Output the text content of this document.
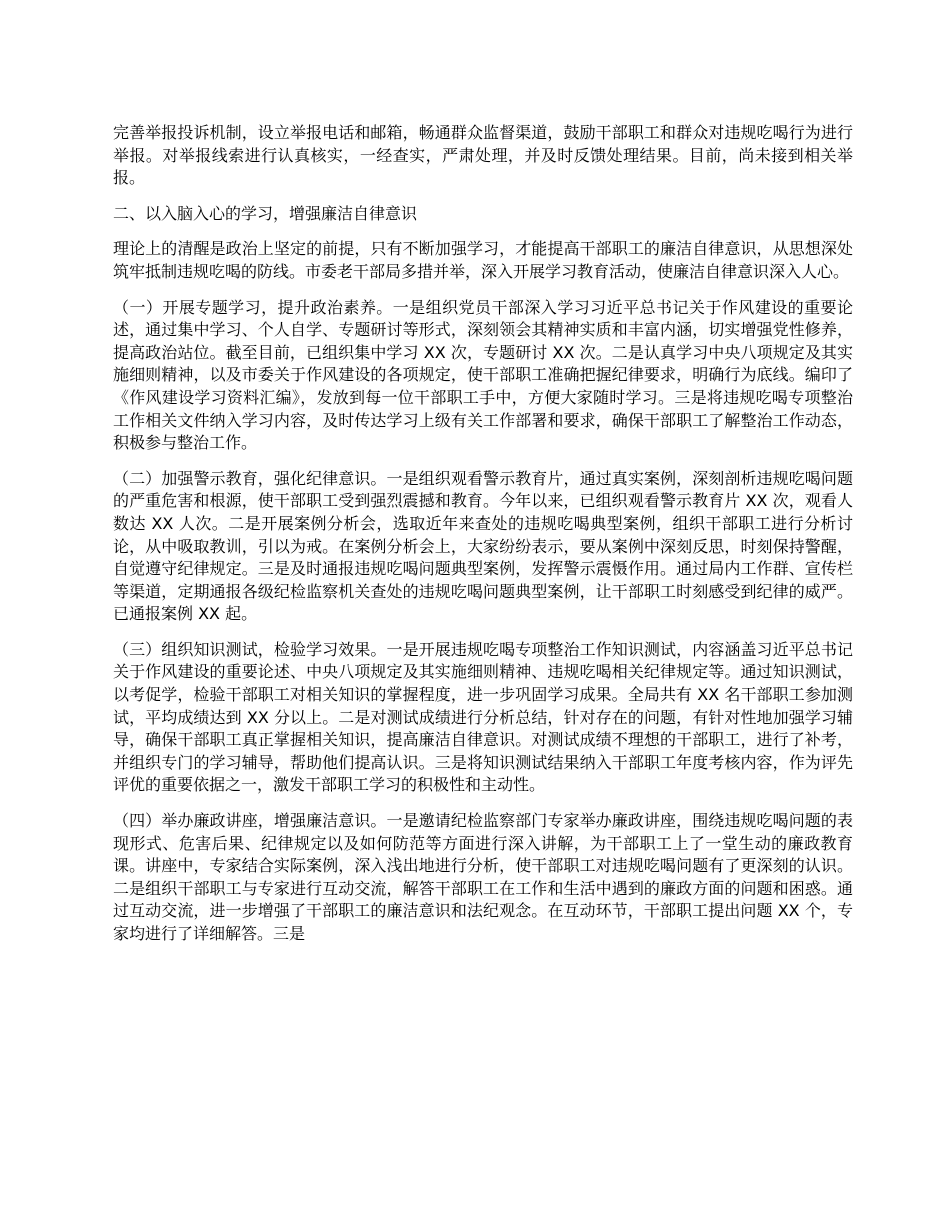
完善举报投诉机制，设立举报电话和邮箱，畅通群众监督渠道，鼓励干部职工和群众对违规吃喝行为进行举报。对举报线索进行认真核实，一经查实，严肃处理，并及时反馈处理结果。目前，尚未接到相关举报。

二、以入脑入心的学习，增强廉洁自律意识

理论上的清醒是政治上坚定的前提，只有不断加强学习，才能提高干部职工的廉洁自律意识，从思想深处筑牢抵制违规吃喝的防线。市委老干部局多措并举，深入开展学习教育活动，使廉洁自律意识深入人心。

（一）开展专题学习，提升政治素养。一是组织党员干部深入学习习近平总书记关于作风建设的重要论述，通过集中学习、个人自学、专题研讨等形式，深刻领会其精神实质和丰富内涵，切实增强党性修养，提高政治站位。截至目前，已组织集中学习 XX 次，专题研讨 XX 次。二是认真学习中央八项规定及其实施细则精神，以及市委关于作风建设的各项规定，使干部职工准确把握纪律要求，明确行为底线。编印了《作风建设学习资料汇编》，发放到每一位干部职工手中，方便大家随时学习。三是将违规吃喝专项整治工作相关文件纳入学习内容，及时传达学习上级有关工作部署和要求，确保干部职工了解整治工作动态，积极参与整治工作。

（二）加强警示教育，强化纪律意识。一是组织观看警示教育片，通过真实案例，深刻剖析违规吃喝问题的严重危害和根源，使干部职工受到强烈震撼和教育。今年以来，已组织观看警示教育片 XX 次，观看人数达 XX 人次。二是开展案例分析会，选取近年来查处的违规吃喝典型案例，组织干部职工进行分析讨论，从中吸取教训，引以为戒。在案例分析会上，大家纷纷表示，要从案例中深刻反思，时刻保持警醒，自觉遵守纪律规定。三是及时通报违规吃喝问题典型案例，发挥警示震慑作用。通过局内工作群、宣传栏等渠道，定期通报各级纪检监察机关查处的违规吃喝问题典型案例，让干部职工时刻感受到纪律的威严。已通报案例 XX 起。

（三）组织知识测试，检验学习效果。一是开展违规吃喝专项整治工作知识测试，内容涵盖习近平总书记关于作风建设的重要论述、中央八项规定及其实施细则精神、违规吃喝相关纪律规定等。通过知识测试，以考促学，检验干部职工对相关知识的掌握程度，进一步巩固学习成果。全局共有 XX 名干部职工参加测试，平均成绩达到 XX 分以上。二是对测试成绩进行分析总结，针对存在的问题，有针对性地加强学习辅导，确保干部职工真正掌握相关知识，提高廉洁自律意识。对测试成绩不理想的干部职工，进行了补考，并组织专门的学习辅导，帮助他们提高认识。三是将知识测试结果纳入干部职工年度考核内容，作为评先评优的重要依据之一，激发干部职工学习的积极性和主动性。

（四）举办廉政讲座，增强廉洁意识。一是邀请纪检监察部门专家举办廉政讲座，围绕违规吃喝问题的表现形式、危害后果、纪律规定以及如何防范等方面进行深入讲解，为干部职工上了一堂生动的廉政教育课。讲座中，专家结合实际案例，深入浅出地进行分析，使干部职工对违规吃喝问题有了更深刻的认识。二是组织干部职工与专家进行互动交流，解答干部职工在工作和生活中遇到的廉政方面的问题和困惑。通过互动交流，进一步增强了干部职工的廉洁意识和法纪观念。在互动环节，干部职工提出问题 XX 个，专家均进行了详细解答。三是
